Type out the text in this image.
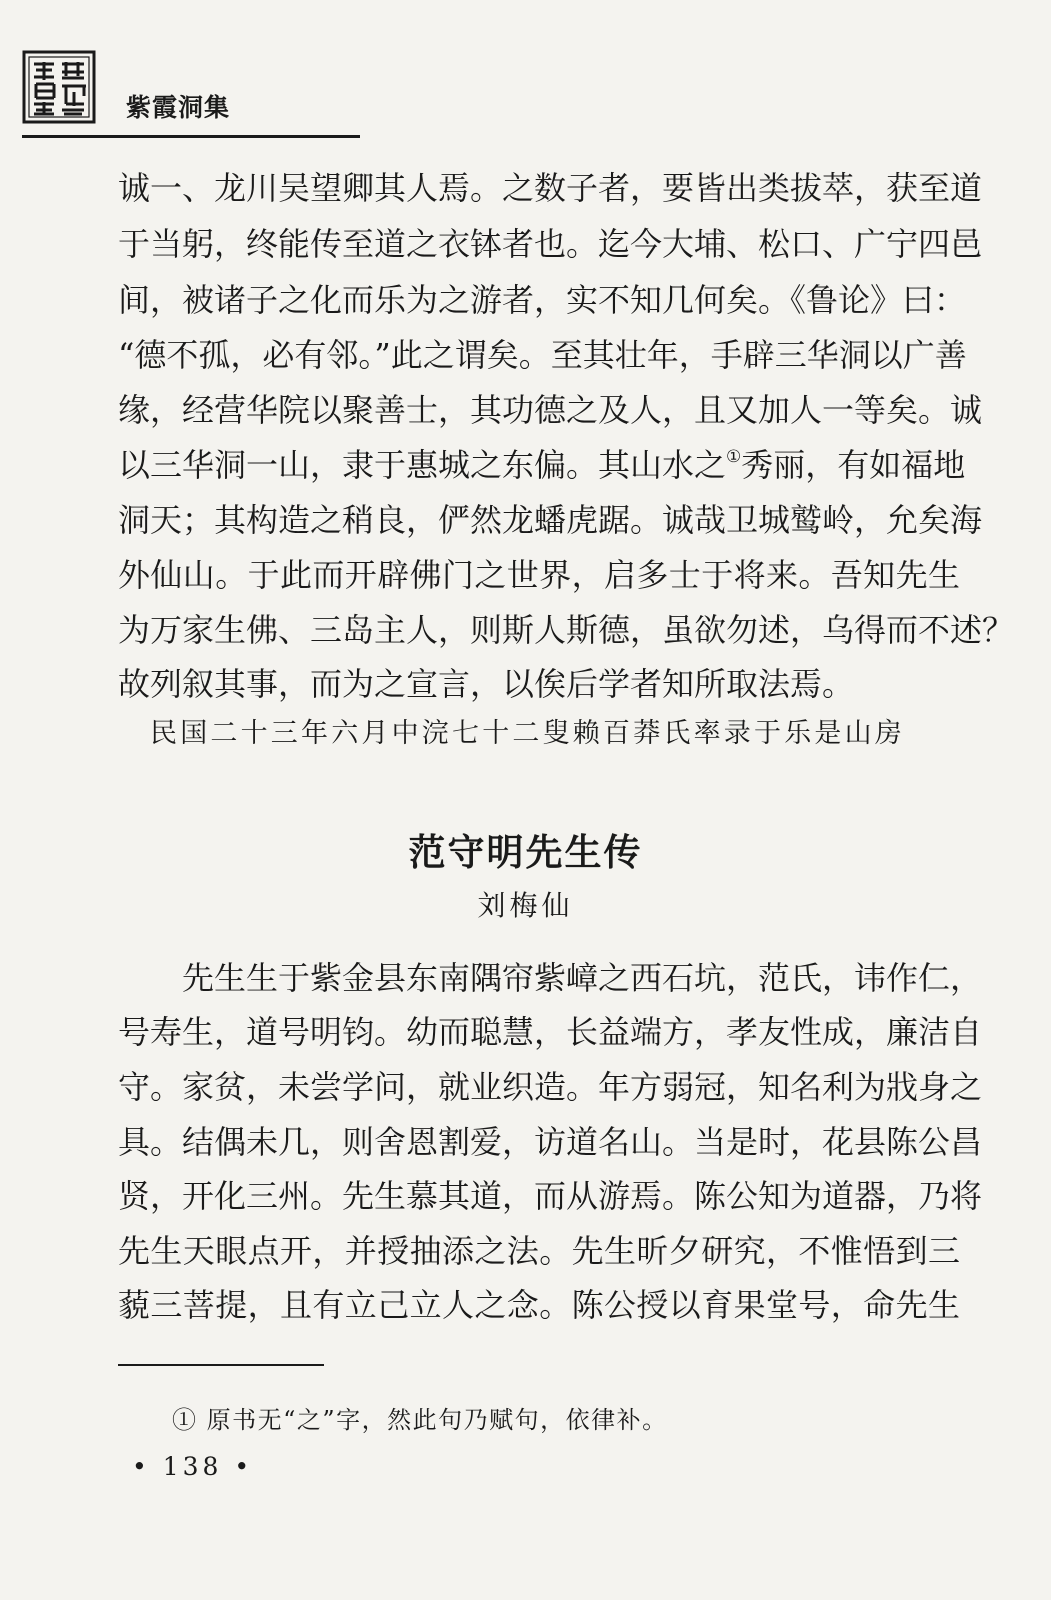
紫霞洞集
诚一、龙川吴望卿其人焉。之数子者，要皆出类拔萃，获至道
于当躬，终能传至道之衣钵者也。迄今大埔、松口、广宁四邑
间，被诸子之化而乐为之游者，实不知几何矣。《鲁论》曰：
“德不孤，必有邻。”此之谓矣。至其壮年，手辟三华洞以广善
缘，经营华院以聚善士，其功德之及人，且又加人一等矣。诚
以三华洞一山，隶于惠城之东偏。其山水之①秀丽，有如福地
洞天；其构造之稍良，俨然龙蟠虎踞。诚哉卫城鹫岭，允矣海
外仙山。于此而开辟佛门之世界，启多士于将来。吾知先生
为万家生佛、三岛主人，则斯人斯德，虽欲勿述，乌得而不述？
故列叙其事，而为之宣言，以俟后学者知所取法焉。
民国二十三年六月中浣七十二叟赖百莽氏率录于乐是山房
范守明先生传
刘梅仙
先生生于紫金县东南隅帘紫嶂之西石坑，范氏，讳作仁，
号寿生，道号明钧。幼而聪慧，长益端方，孝友性成，廉洁自
守。家贫，未尝学问，就业织造。年方弱冠，知名利为戕身之
具。结偶未几，则舍恩割爱，访道名山。当是时，花县陈公昌
贤，开化三州。先生慕其道，而从游焉。陈公知为道器，乃将
先生天眼点开，并授抽添之法。先生昕夕研究，不惟悟到三
藐三菩提，且有立己立人之念。陈公授以育果堂号，命先生
① 原书无“之”字，然此句乃赋句，依律补。
• 138 •
